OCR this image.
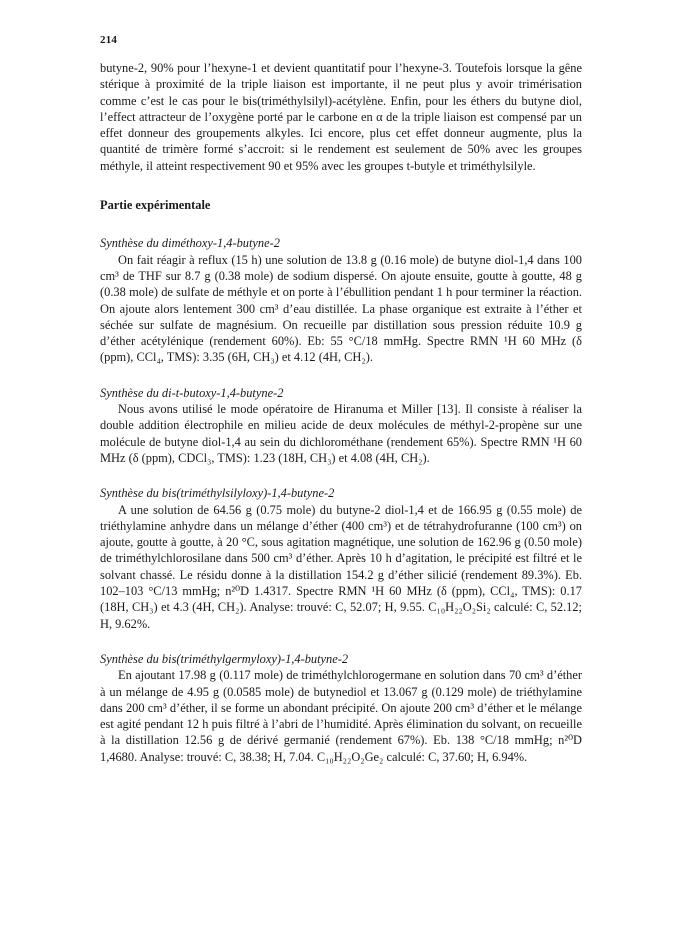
214

butyne-2, 90% pour l’hexyne-1 et devient quantitatif pour l’hexyne-3. Toutefois lorsque la gêne stérique à proximité de la triple liaison est importante, il ne peut plus y avoir trimérisation comme c’est le cas pour le bis(triméthylsilyl)-acétylène. Enfin, pour les éthers du butyne diol, l’effect attracteur de l’oxygène porté par le carbone en α de la triple liaison est compensé par un effet donneur des groupements alkyles. Ici encore, plus cet effet donneur augmente, plus la quantité de trimère formé s’accroit: si le rendement est seulement de 50% avec les groupes méthyle, il atteint respectivement 90 et 95% avec les groupes t-butyle et triméthylsilyle.

Partie expérimentale

Synthèse du diméthoxy-1,4-butyne-2

On fait réagir à reflux (15 h) une solution de 13.8 g (0.16 mole) de butyne diol-1,4 dans 100 cm³ de THF sur 8.7 g (0.38 mole) de sodium dispersé. On ajoute ensuite, goutte à goutte, 48 g (0.38 mole) de sulfate de méthyle et on porte à l’ébullition pendant 1 h pour terminer la réaction. On ajoute alors lentement 300 cm³ d’eau distillée. La phase organique est extraite à l’éther et séchée sur sulfate de magnésium. On recueille par distillation sous pression réduite 10.9 g d’éther acétylénique (rendement 60%). Eb: 55 °C/18 mmHg. Spectre RMN ¹H 60 MHz (δ (ppm), CCl₄, TMS): 3.35 (6H, CH₃) et 4.12 (4H, CH₂).

Synthèse du di-t-butoxy-1,4-butyne-2

Nous avons utilisé le mode opératoire de Hiranuma et Miller [13]. Il consiste à réaliser la double addition électrophile en milieu acide de deux molécules de méthyl-2-propène sur une molécule de butyne diol-1,4 au sein du dichlorométhane (rendement 65%). Spectre RMN ¹H 60 MHz (δ (ppm), CDCl₃, TMS): 1.23 (18H, CH₃) et 4.08 (4H, CH₂).

Synthèse du bis(triméthylsilyloxy)-1,4-butyne-2

A une solution de 64.56 g (0.75 mole) du butyne-2 diol-1,4 et de 166.95 g (0.55 mole) de triéthylamine anhydre dans un mélange d’éther (400 cm³) et de tétrahydrofuranne (100 cm³) on ajoute, goutte à goutte, à 20 °C, sous agitation magnétique, une solution de 162.96 g (0.50 mole) de triméthylchlorosilane dans 500 cm³ d’éther. Après 10 h d’agitation, le précipité est filtré et le solvant chassé. Le résidu donne à la distillation 154.2 g d’éther silicié (rendement 89.3%). Eb. 102–103 °C/13 mmHg; n²⁰D 1.4317. Spectre RMN ¹H 60 MHz (δ (ppm), CCl₄, TMS): 0.17 (18H, CH₃) et 4.3 (4H, CH₂). Analyse: trouvé: C, 52.07; H, 9.55. C₁₀H₂₂O₂Si₂ calculé: C, 52.12; H, 9.62%.

Synthèse du bis(triméthylgermyloxy)-1,4-butyne-2

En ajoutant 17.98 g (0.117 mole) de triméthylchlorogermane en solution dans 70 cm³ d’éther à un mélange de 4.95 g (0.0585 mole) de butynediol et 13.067 g (0.129 mole) de triéthylamine dans 200 cm³ d’éther, il se forme un abondant précipité. On ajoute 200 cm³ d’éther et le mélange est agité pendant 12 h puis filtré à l’abri de l’humidité. Après élimination du solvant, on recueille à la distillation 12.56 g de dérivé germanié (rendement 67%). Eb. 138 °C/18 mmHg; n²⁰D 1,4680. Analyse: trouvé: C, 38.38; H, 7.04. C₁₀H₂₂O₂Ge₂ calculé: C, 37.60; H, 6.94%.
